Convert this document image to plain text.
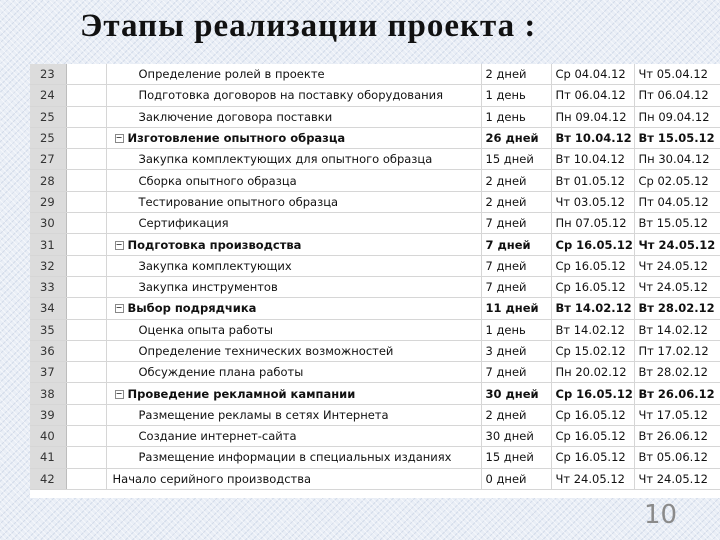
Этапы реализации проекта :
23		Определение ролей в проекте	2 дней	Ср 04.04.12	Чт 05.04.12
24		Подготовка договоров на поставку оборудования	1 день	Пт 06.04.12	Пт 06.04.12
25		Заключение договора поставки	1 день	Пн 09.04.12	Пн 09.04.12
25		− Изготовление опытного образца	26 дней	Вт 10.04.12	Вт 15.05.12
27		Закупка комплектующих для опытного образца	15 дней	Вт 10.04.12	Пн 30.04.12
28		Сборка опытного образца	2 дней	Вт 01.05.12	Ср 02.05.12
29		Тестирование опытного образца	2 дней	Чт 03.05.12	Пт 04.05.12
30		Сертификация	7 дней	Пн 07.05.12	Вт 15.05.12
31		− Подготовка производства	7 дней	Ср 16.05.12	Чт 24.05.12
32		Закупка комплектующих	7 дней	Ср 16.05.12	Чт 24.05.12
33		Закупка инструментов	7 дней	Ср 16.05.12	Чт 24.05.12
34		− Выбор подрядчика	11 дней	Вт 14.02.12	Вт 28.02.12
35		Оценка опыта работы	1 день	Вт 14.02.12	Вт 14.02.12
36		Определение технических возможностей	3 дней	Ср 15.02.12	Пт 17.02.12
37		Обсуждение плана работы	7 дней	Пн 20.02.12	Вт 28.02.12
38		− Проведение рекламной кампании	30 дней	Ср 16.05.12	Вт 26.06.12
39		Размещение рекламы в сетях Интернета	2 дней	Ср 16.05.12	Чт 17.05.12
40		Создание интернет-сайта	30 дней	Ср 16.05.12	Вт 26.06.12
41		Размещение информации в специальных изданиях	15 дней	Ср 16.05.12	Вт 05.06.12
42		Начало серийного производства	0 дней	Чт 24.05.12	Чт 24.05.12
10
